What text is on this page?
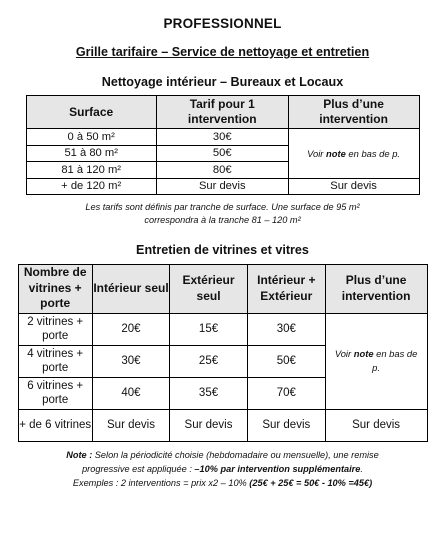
PROFESSIONNEL
Grille tarifaire – Service de nettoyage et entretien
Nettoyage intérieur – Bureaux et Locaux
Surface	Tarif pour 1 intervention	Plus d’une intervention
0 à 50 m²	30€	Voir note en bas de p.
51 à 80 m²	50€	
81 à 120 m²	80€	
+ de 120 m²	Sur devis	Sur devis
Les tarifs sont définis par tranche de surface. Une surface de 95 m²
correspondra à la tranche 81 – 120 m²
Entretien de vitrines et vitres
Nombre de vitrines + porte	Intérieur seul	Extérieur seul	Intérieur + Extérieur	Plus d’une intervention
2 vitrines + porte	20€	15€	30€	Voir note en bas de p.
4 vitrines + porte	30€	25€	50€	
6 vitrines + porte	40€	35€	70€	
+ de 6 vitrines	Sur devis	Sur devis	Sur devis	Sur devis
Note : Selon la périodicité choisie (hebdomadaire ou mensuelle), une remise
progressive est appliquée : –10% par intervention supplémentaire.
Exemples : 2 interventions = prix x2 – 10% (25€ + 25€ = 50€ - 10% =45€)
